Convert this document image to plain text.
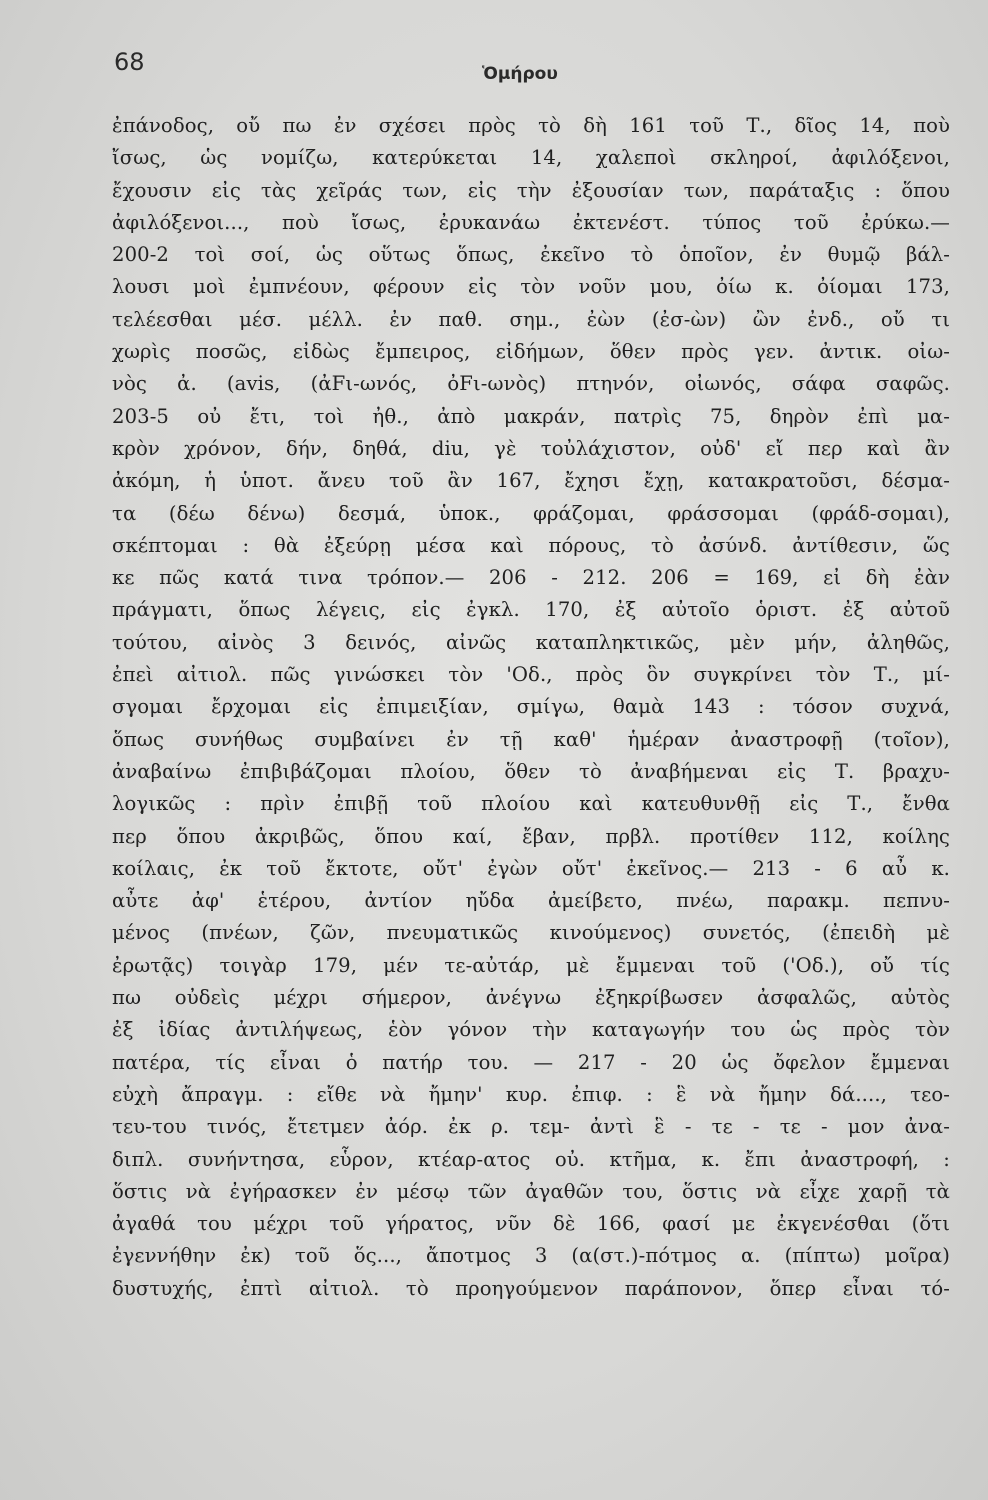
68	Ὁμήρου
ἐπάνοδος, οὔ πω ἐν σχέσει πρὸς τὸ δὴ 161 τοῦ Τ., δῖος 14, ποὺ
ἴσως, ὡς νομίζω, κατερύκεται 14, χαλεποὶ σκληροί, ἀφιλόξενοι,
ἔχουσιν εἰς τὰς χεῖράς των, εἰς τὴν ἐξουσίαν των, παράταξις : ὅπου
ἀφιλόξενοι..., ποὺ ἴσως, ἐρυκανάω ἐκτενέστ. τύπος τοῦ ἐρύκω.—
200-2 τοὶ σοί, ὡς οὕτως ὅπως, ἐκεῖνο τὸ ὁποῖον, ἐν θυμῷ βάλ-
λουσι μοὶ ἐμπνέουν, φέρουν εἰς τὸν νοῦν μου, ὀίω κ. ὀίομαι 173,
τελέεσθαι μέσ. μέλλ. ἐν παθ. σημ., ἐὼν (ἐσ-ὼν) ὢν ἐνδ., οὔ τι
χωρὶς ποσῶς, εἰδὼς ἔμπειρος, εἰδήμων, ὅθεν πρὸς γεν. ἀντικ. οἰω-
νὸς ἀ. (avis, (ἀFι-ωνός, ὀFι-ωνὸς) πτηνόν, οἰωνός, σάφα σαφῶς.
203-5 οὐ ἔτι, τοὶ ἠθ., ἀπὸ μακράν, πατρὶς 75, δηρὸν ἐπὶ μα-
κρὸν χρόνον, δήν, δηθά, diu, γὲ τοὐλάχιστον, οὐδ' εἴ περ καὶ ἂν
ἀκόμη, ἡ ὑποτ. ἄνευ τοῦ ἂν 167, ἔχησι ἔχῃ, κατακρατοῦσι, δέσμα-
τα (δέω δένω) δεσμά, ὑποκ., φράζομαι, φράσσομαι (φράδ-σομαι),
σκέπτομαι : θὰ ἐξεύρῃ μέσα καὶ πόρους, τὸ ἀσύνδ. ἀντίθεσιν, ὥς
κε πῶς κατά τινα τρόπον.— 206 - 212. 206 = 169, εἰ δὴ ἐὰν
πράγματι, ὅπως λέγεις, εἰς ἐγκλ. 170, ἐξ αὐτοῖο ὁριστ. ἐξ αὐτοῦ
τούτου, αἰνὸς 3 δεινός, αἰνῶς καταπληκτικῶς, μὲν μήν, ἀληθῶς,
ἐπεὶ αἰτιολ. πῶς γινώσκει τὸν 'Οδ., πρὸς ὃν συγκρίνει τὸν Τ., μί-
σγομαι ἔρχομαι εἰς ἐπιμειξίαν, σμίγω, θαμὰ 143 : τόσον συχνά,
ὅπως συνήθως συμβαίνει ἐν τῇ καθ' ἡμέραν ἀναστροφῇ (τοῖον),
ἀναβαίνω ἐπιβιβάζομαι πλοίου, ὅθεν τὸ ἀναβήμεναι εἰς Τ. βραχυ-
λογικῶς : πρὶν ἐπιβῇ τοῦ πλοίου καὶ κατευθυνθῇ εἰς Τ., ἔνθα
περ ὅπου ἀκριβῶς, ὅπου καί, ἔβαν, πρβλ. προτίθεν 112, κοίλης
κοίλαις, ἐκ τοῦ ἔκτοτε, οὔτ' ἐγὼν οὔτ' ἐκεῖνος.— 213 - 6 αὖ κ.
αὖτε ἀφ' ἑτέρου, ἀντίον ηὔδα ἀμείβετο, πνέω, παρακμ. πεπνυ-
μένος (πνέων, ζῶν, πνευματικῶς κινούμενος) συνετός, (ἐπειδὴ μὲ
ἐρωτᾷς) τοιγὰρ 179, μέν τε-αὐτάρ, μὲ ἔμμεναι τοῦ ('Οδ.), οὔ τίς
πω οὐδεὶς μέχρι σήμερον, ἀνέγνω ἐξηκρίβωσεν ἀσφαλῶς, αὐτὸς
ἐξ ἰδίας ἀντιλήψεως, ἑὸν γόνον τὴν καταγωγήν του ὡς πρὸς τὸν
πατέρα, τίς εἶναι ὁ πατήρ του. — 217 - 20 ὡς ὄφελον ἔμμεναι
εὐχὴ ἄπραγμ. : εἴθε νὰ ἤμην' κυρ. ἐπιφ. : ἓ νὰ ἤμην δά...., τεο-
τευ-του τινός, ἔτετμεν ἀόρ. ἐκ ρ. τεμ- ἀντὶ ἓ - τε - τε - μον ἀνα-
διπλ. συνήντησα, εὗρον, κτέαρ-ατος οὐ. κτῆμα, κ. ἔπι ἀναστροφή, :
ὅστις νὰ ἐγήρασκεν ἐν μέσῳ τῶν ἀγαθῶν του, ὅστις νὰ εἶχε χαρῇ τὰ
ἀγαθά του μέχρι τοῦ γήρατος, νῦν δὲ 166, φασί με ἐκγενέσθαι (ὅτι
ἐγεννήθην ἐκ) τοῦ ὅς..., ἄποτμος 3 (α(στ.)-πότμος α. (πίπτω) μοῖρα)
δυστυχής, ἐπτὶ αἰτιολ. τὸ προηγούμενον παράπονον, ὅπερ εἶναι τό-
